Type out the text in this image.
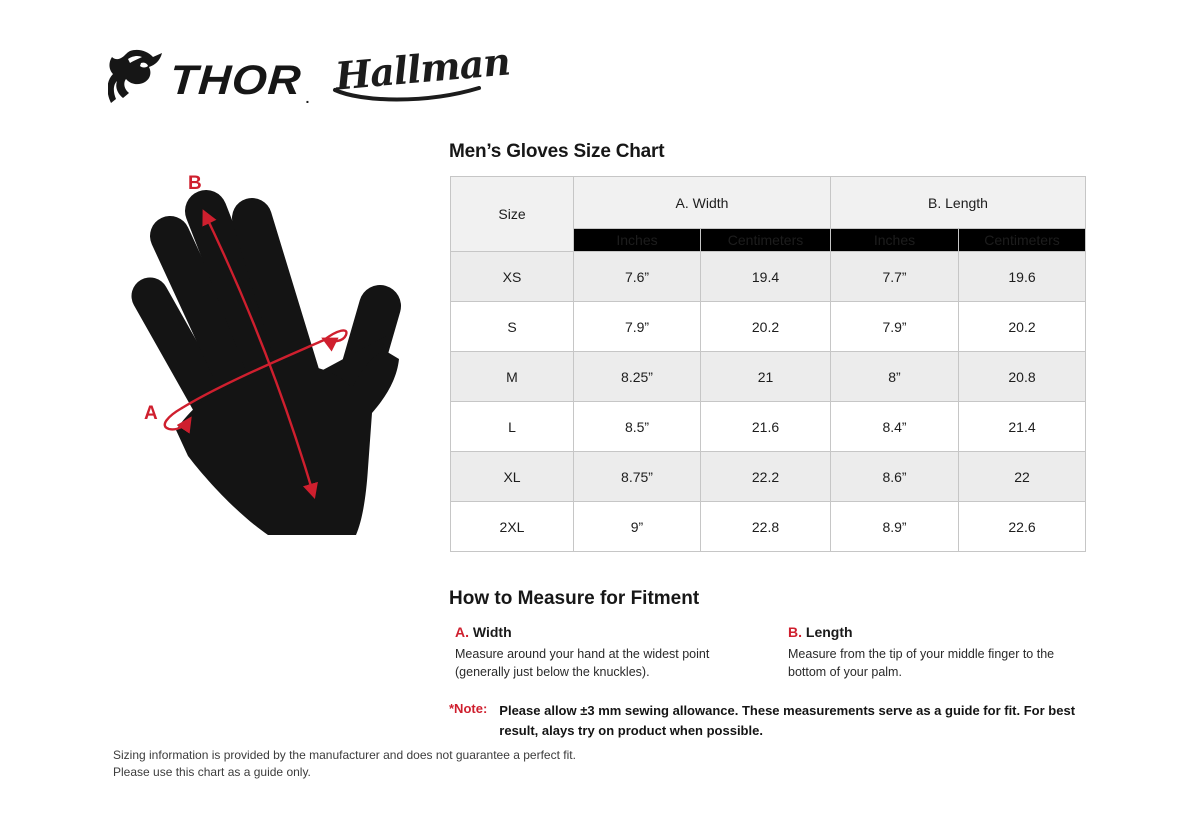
THOR . Hallman
A
B
Men’s Gloves Size Chart
Size	A. Width		B. Length	
	Inches	Centimeters	Inches	Centimeters
XS	7.6”	19.4	7.7”	19.6
S	7.9”	20.2	7.9”	20.2
M	8.25”	21	8”	20.8
L	8.5”	21.6	8.4”	21.4
XL	8.75”	22.2	8.6”	22
2XL	9”	22.8	8.9”	22.6
How to Measure for Fitment
A. Width
Measure around your hand at the widest point (generally just below the knuckles).
B. Length
Measure from the tip of your middle finger to the bottom of your palm.
*Note: Please allow ±3 mm sewing allowance. These measurements serve as a guide for fit. For best result, alays try on product when possible.
Sizing information is provided by the manufacturer and does not guarantee a perfect fit.
Please use this chart as a guide only.
